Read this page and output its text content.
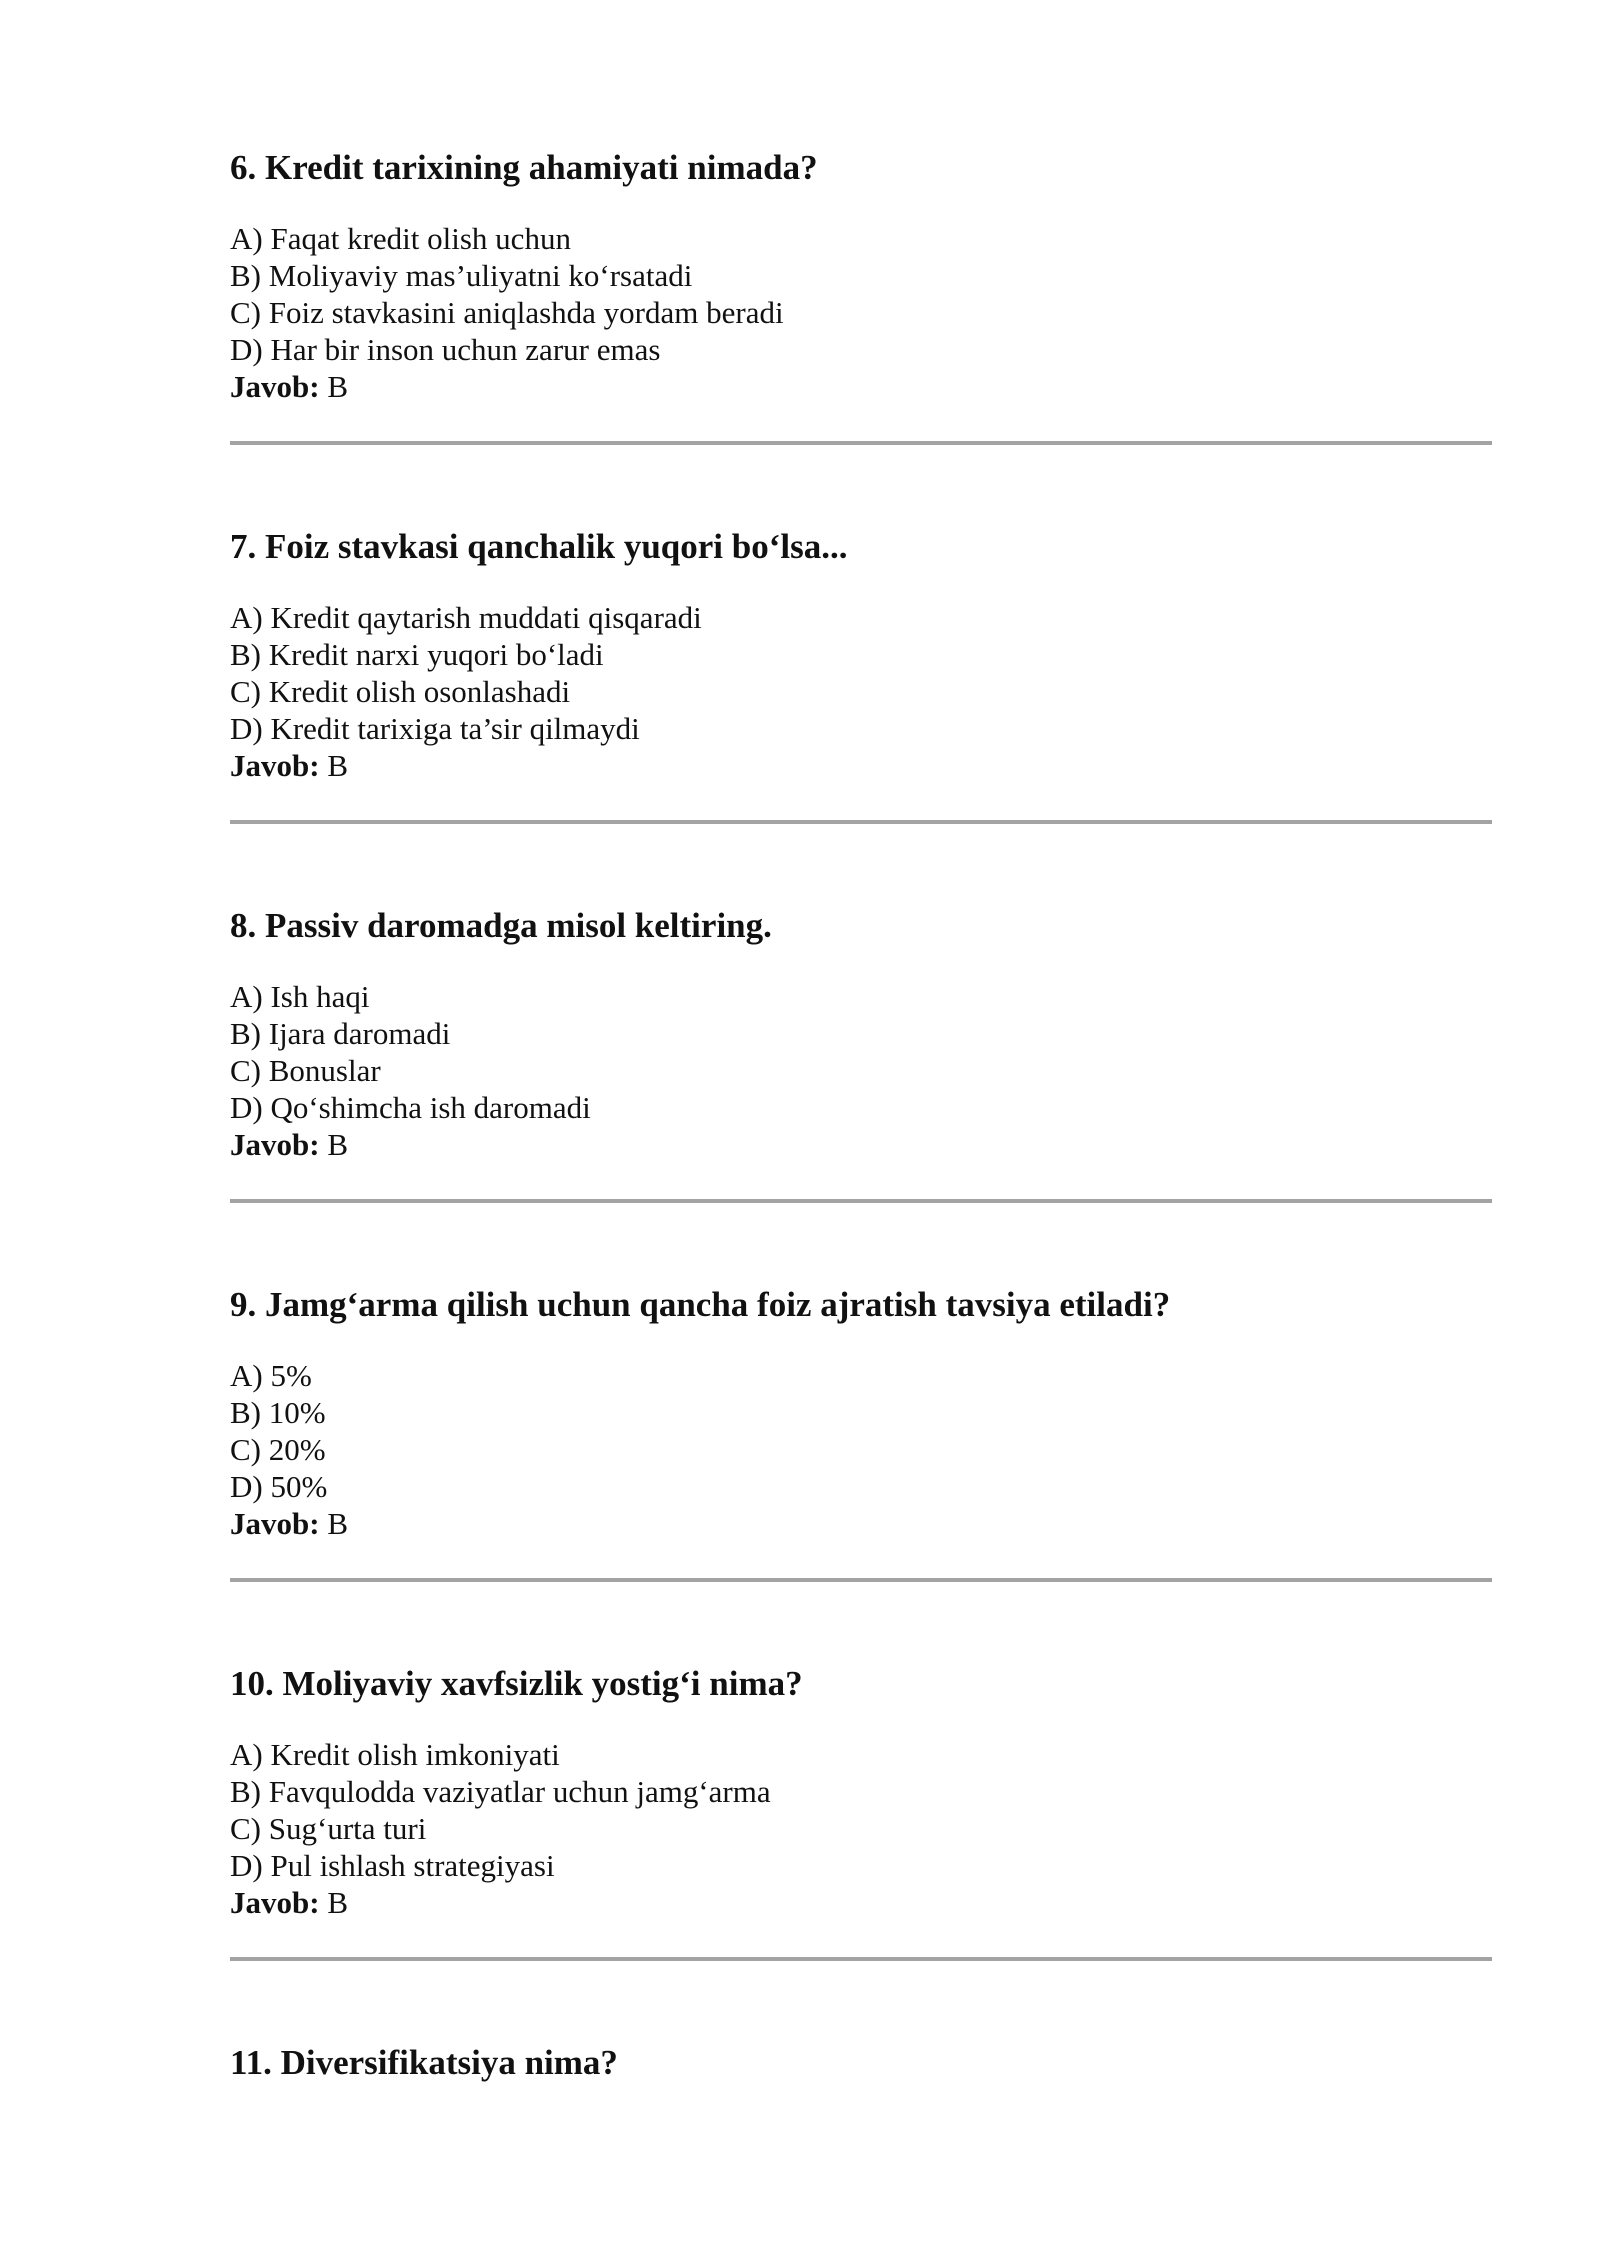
6. Kredit tarixining ahamiyati nimada?

A) Faqat kredit olish uchun

B) Moliyaviy mas’uliyatni ko‘rsatadi

C) Foiz stavkasini aniqlashda yordam beradi

D) Har bir inson uchun zarur emas

Javob: B

7. Foiz stavkasi qanchalik yuqori bo‘lsa...

A) Kredit qaytarish muddati qisqaradi

B) Kredit narxi yuqori bo‘ladi

C) Kredit olish osonlashadi

D) Kredit tarixiga ta’sir qilmaydi

Javob: B

8. Passiv daromadga misol keltiring.

A) Ish haqi

B) Ijara daromadi

C) Bonuslar

D) Qo‘shimcha ish daromadi

Javob: B

9. Jamg‘arma qilish uchun qancha foiz ajratish tavsiya etiladi?

A) 5%

B) 10%

C) 20%

D) 50%

Javob: B

10. Moliyaviy xavfsizlik yostig‘i nima?

A) Kredit olish imkoniyati

B) Favqulodda vaziyatlar uchun jamg‘arma

C) Sug‘urta turi

D) Pul ishlash strategiyasi

Javob: B

11. Diversifikatsiya nima?
